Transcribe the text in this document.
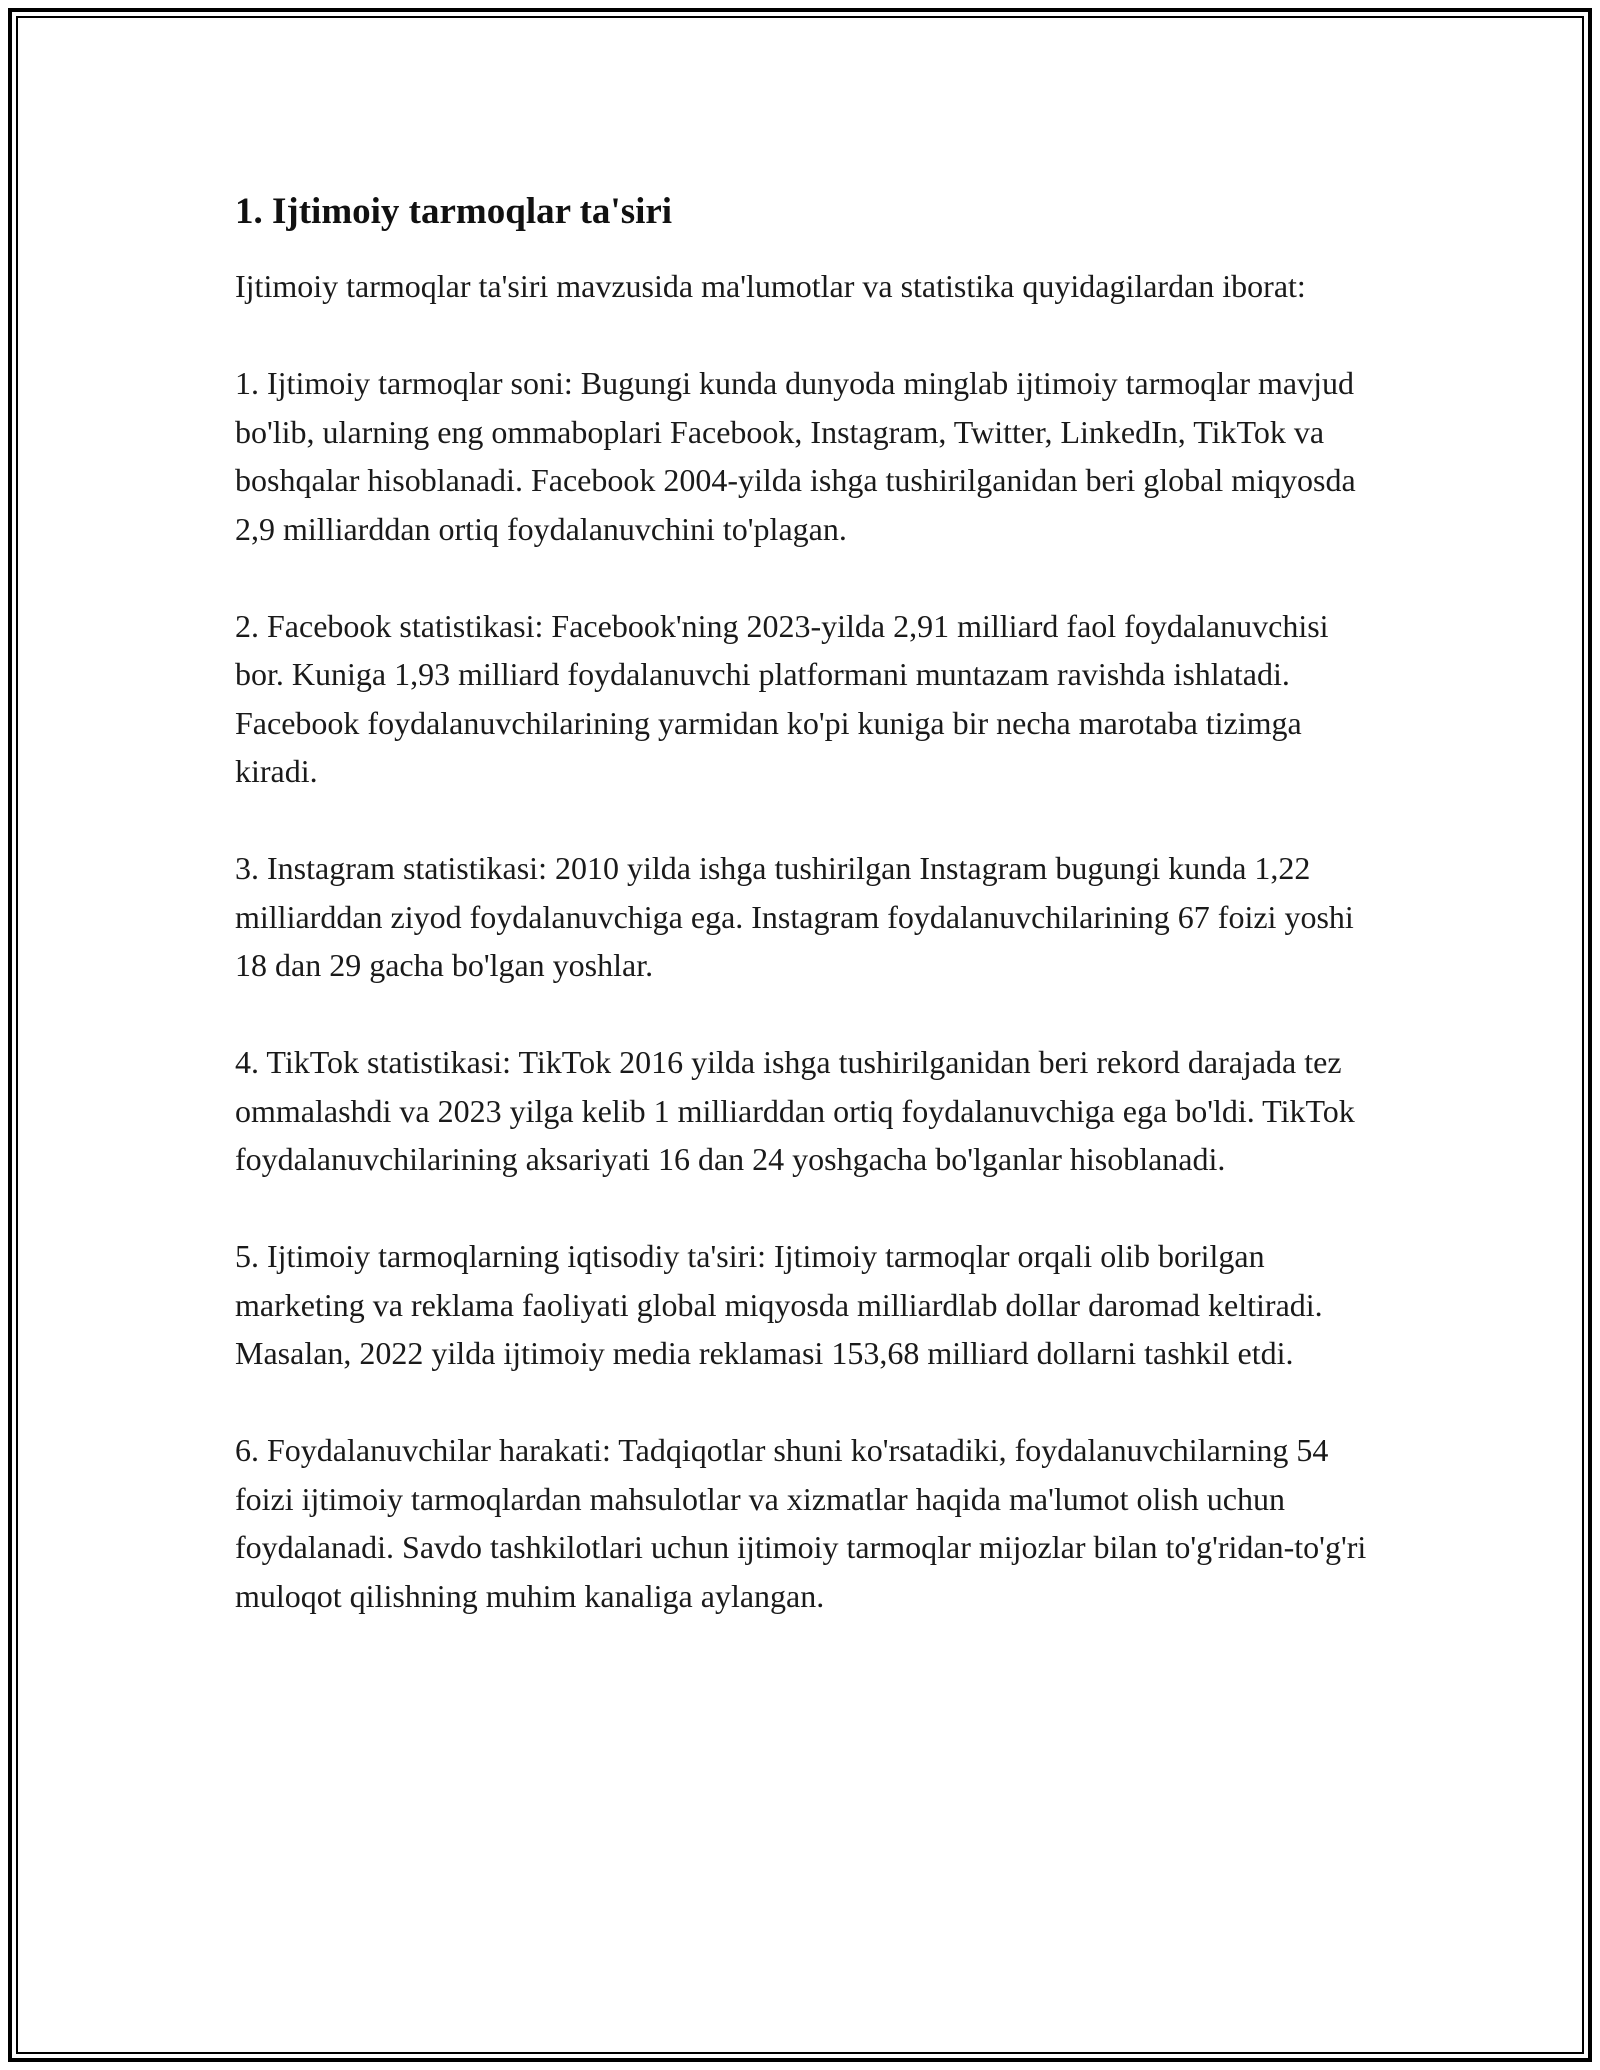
1. Ijtimoiy tarmoqlar ta'siri

Ijtimoiy tarmoqlar ta'siri mavzusida ma'lumotlar va statistika quyidagilardan iborat:

1. Ijtimoiy tarmoqlar soni: Bugungi kunda dunyoda minglab ijtimoiy tarmoqlar mavjud bo'lib, ularning eng ommaboplari Facebook, Instagram, Twitter, LinkedIn, TikTok va boshqalar hisoblanadi. Facebook 2004-yilda ishga tushirilganidan beri global miqyosda 2,9 milliarddan ortiq foydalanuvchini to'plagan.

2. Facebook statistikasi: Facebook'ning 2023-yilda 2,91 milliard faol foydalanuvchisi bor. Kuniga 1,93 milliard foydalanuvchi platformani muntazam ravishda ishlatadi. Facebook foydalanuvchilarining yarmidan ko'pi kuniga bir necha marotaba tizimga kiradi.

3. Instagram statistikasi: 2010 yilda ishga tushirilgan Instagram bugungi kunda 1,22 milliarddan ziyod foydalanuvchiga ega. Instagram foydalanuvchilarining 67 foizi yoshi 18 dan 29 gacha bo'lgan yoshlar.

4. TikTok statistikasi: TikTok 2016 yilda ishga tushirilganidan beri rekord darajada tez ommalashdi va 2023 yilga kelib 1 milliarddan ortiq foydalanuvchiga ega bo'ldi. TikTok foydalanuvchilarining aksariyati 16 dan 24 yoshgacha bo'lganlar hisoblanadi.

5. Ijtimoiy tarmoqlarning iqtisodiy ta'siri: Ijtimoiy tarmoqlar orqali olib borilgan marketing va reklama faoliyati global miqyosda milliardlab dollar daromad keltiradi. Masalan, 2022 yilda ijtimoiy media reklamasi 153,68 milliard dollarni tashkil etdi.

6. Foydalanuvchilar harakati: Tadqiqotlar shuni ko'rsatadiki, foydalanuvchilarning 54 foizi ijtimoiy tarmoqlardan mahsulotlar va xizmatlar haqida ma'lumot olish uchun foydalanadi. Savdo tashkilotlari uchun ijtimoiy tarmoqlar mijozlar bilan to'g'ridan-to'g'ri muloqot qilishning muhim kanaliga aylangan.
